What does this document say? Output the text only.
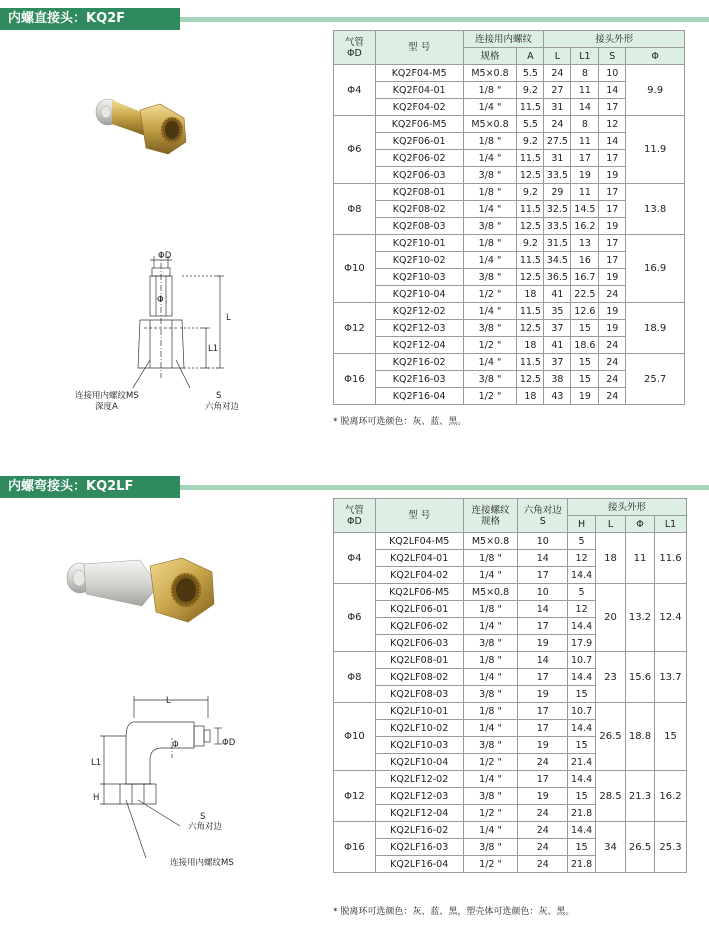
内螺直接头：KQ2F
ΦD
Φ
L
L1
连接用内螺纹MS
深度A
S
六角对边
气管
ΦD	型 号	连接用内螺纹		接头外形			
		规格	A	L	L1	S	Φ
Φ4	KQ2F04-M5	M5×0.8	5.5	24	8	10	9.9
	KQ2F04-01	1/8 "	9.2	27	11	14	
	KQ2F04-02	1/4 "	11.5	31	14	17	
Φ6	KQ2F06-M5	M5×0.8	5.5	24	8	12	11.9
	KQ2F06-01	1/8 "	9.2	27.5	11	14	
	KQ2F06-02	1/4 "	11.5	31	17	17	
	KQ2F06-03	3/8 "	12.5	33.5	19	19	
Φ8	KQ2F08-01	1/8 "	9.2	29	11	17	13.8
	KQ2F08-02	1/4 "	11.5	32.5	14.5	17	
	KQ2F08-03	3/8 "	12.5	33.5	16.2	19	
Φ10	KQ2F10-01	1/8 "	9.2	31.5	13	17	16.9
	KQ2F10-02	1/4 "	11.5	34.5	16	17	
	KQ2F10-03	3/8 "	12.5	36.5	16.7	19	
	KQ2F10-04	1/2 "	18	41	22.5	24	
Φ12	KQ2F12-02	1/4 "	11.5	35	12.6	19	18.9
	KQ2F12-03	3/8 "	12.5	37	15	19	
	KQ2F12-04	1/2 "	18	41	18.6	24	
Φ16	KQ2F16-02	1/4 "	11.5	37	15	24	25.7
	KQ2F16-03	3/8 "	12.5	38	15	24	
	KQ2F16-04	1/2 "	18	43	19	24	
* 脱离环可选颜色：灰、蓝、黑。
内螺弯接头：KQ2LF
L
Φ	ΦD
L1
H
S
六角对边
连接用内螺纹MS
气管
ΦD	型 号	连接螺纹
规格	六角对边
S	接头外形			
				H	L	Φ	L1
Φ4	KQ2LF04-M5	M5×0.8	10	5	18	11	11.6
	KQ2LF04-01	1/8 "	14	12			
	KQ2LF04-02	1/4 "	17	14.4			
Φ6	KQ2LF06-M5	M5×0.8	10	5	20	13.2	12.4
	KQ2LF06-01	1/8 "	14	12			
	KQ2LF06-02	1/4 "	17	14.4			
	KQ2LF06-03	3/8 "	19	17.9			
Φ8	KQ2LF08-01	1/8 "	14	10.7	23	15.6	13.7
	KQ2LF08-02	1/4 "	17	14.4			
	KQ2LF08-03	3/8 "	19	15			
Φ10	KQ2LF10-01	1/8 "	17	10.7	26.5	18.8	15
	KQ2LF10-02	1/4 "	17	14.4			
	KQ2LF10-03	3/8 "	19	15			
	KQ2LF10-04	1/2 "	24	21.4			
Φ12	KQ2LF12-02	1/4 "	17	14.4	28.5	21.3	16.2
	KQ2LF12-03	3/8 "	19	15			
	KQ2LF12-04	1/2 "	24	21.8			
Φ16	KQ2LF16-02	1/4 "	24	14.4	34	26.5	25.3
	KQ2LF16-03	3/8 "	24	15			
	KQ2LF16-04	1/2 "	24	21.8			
* 脱离环可选颜色：灰、蓝、黑，塑壳体可选颜色：灰、黑。
